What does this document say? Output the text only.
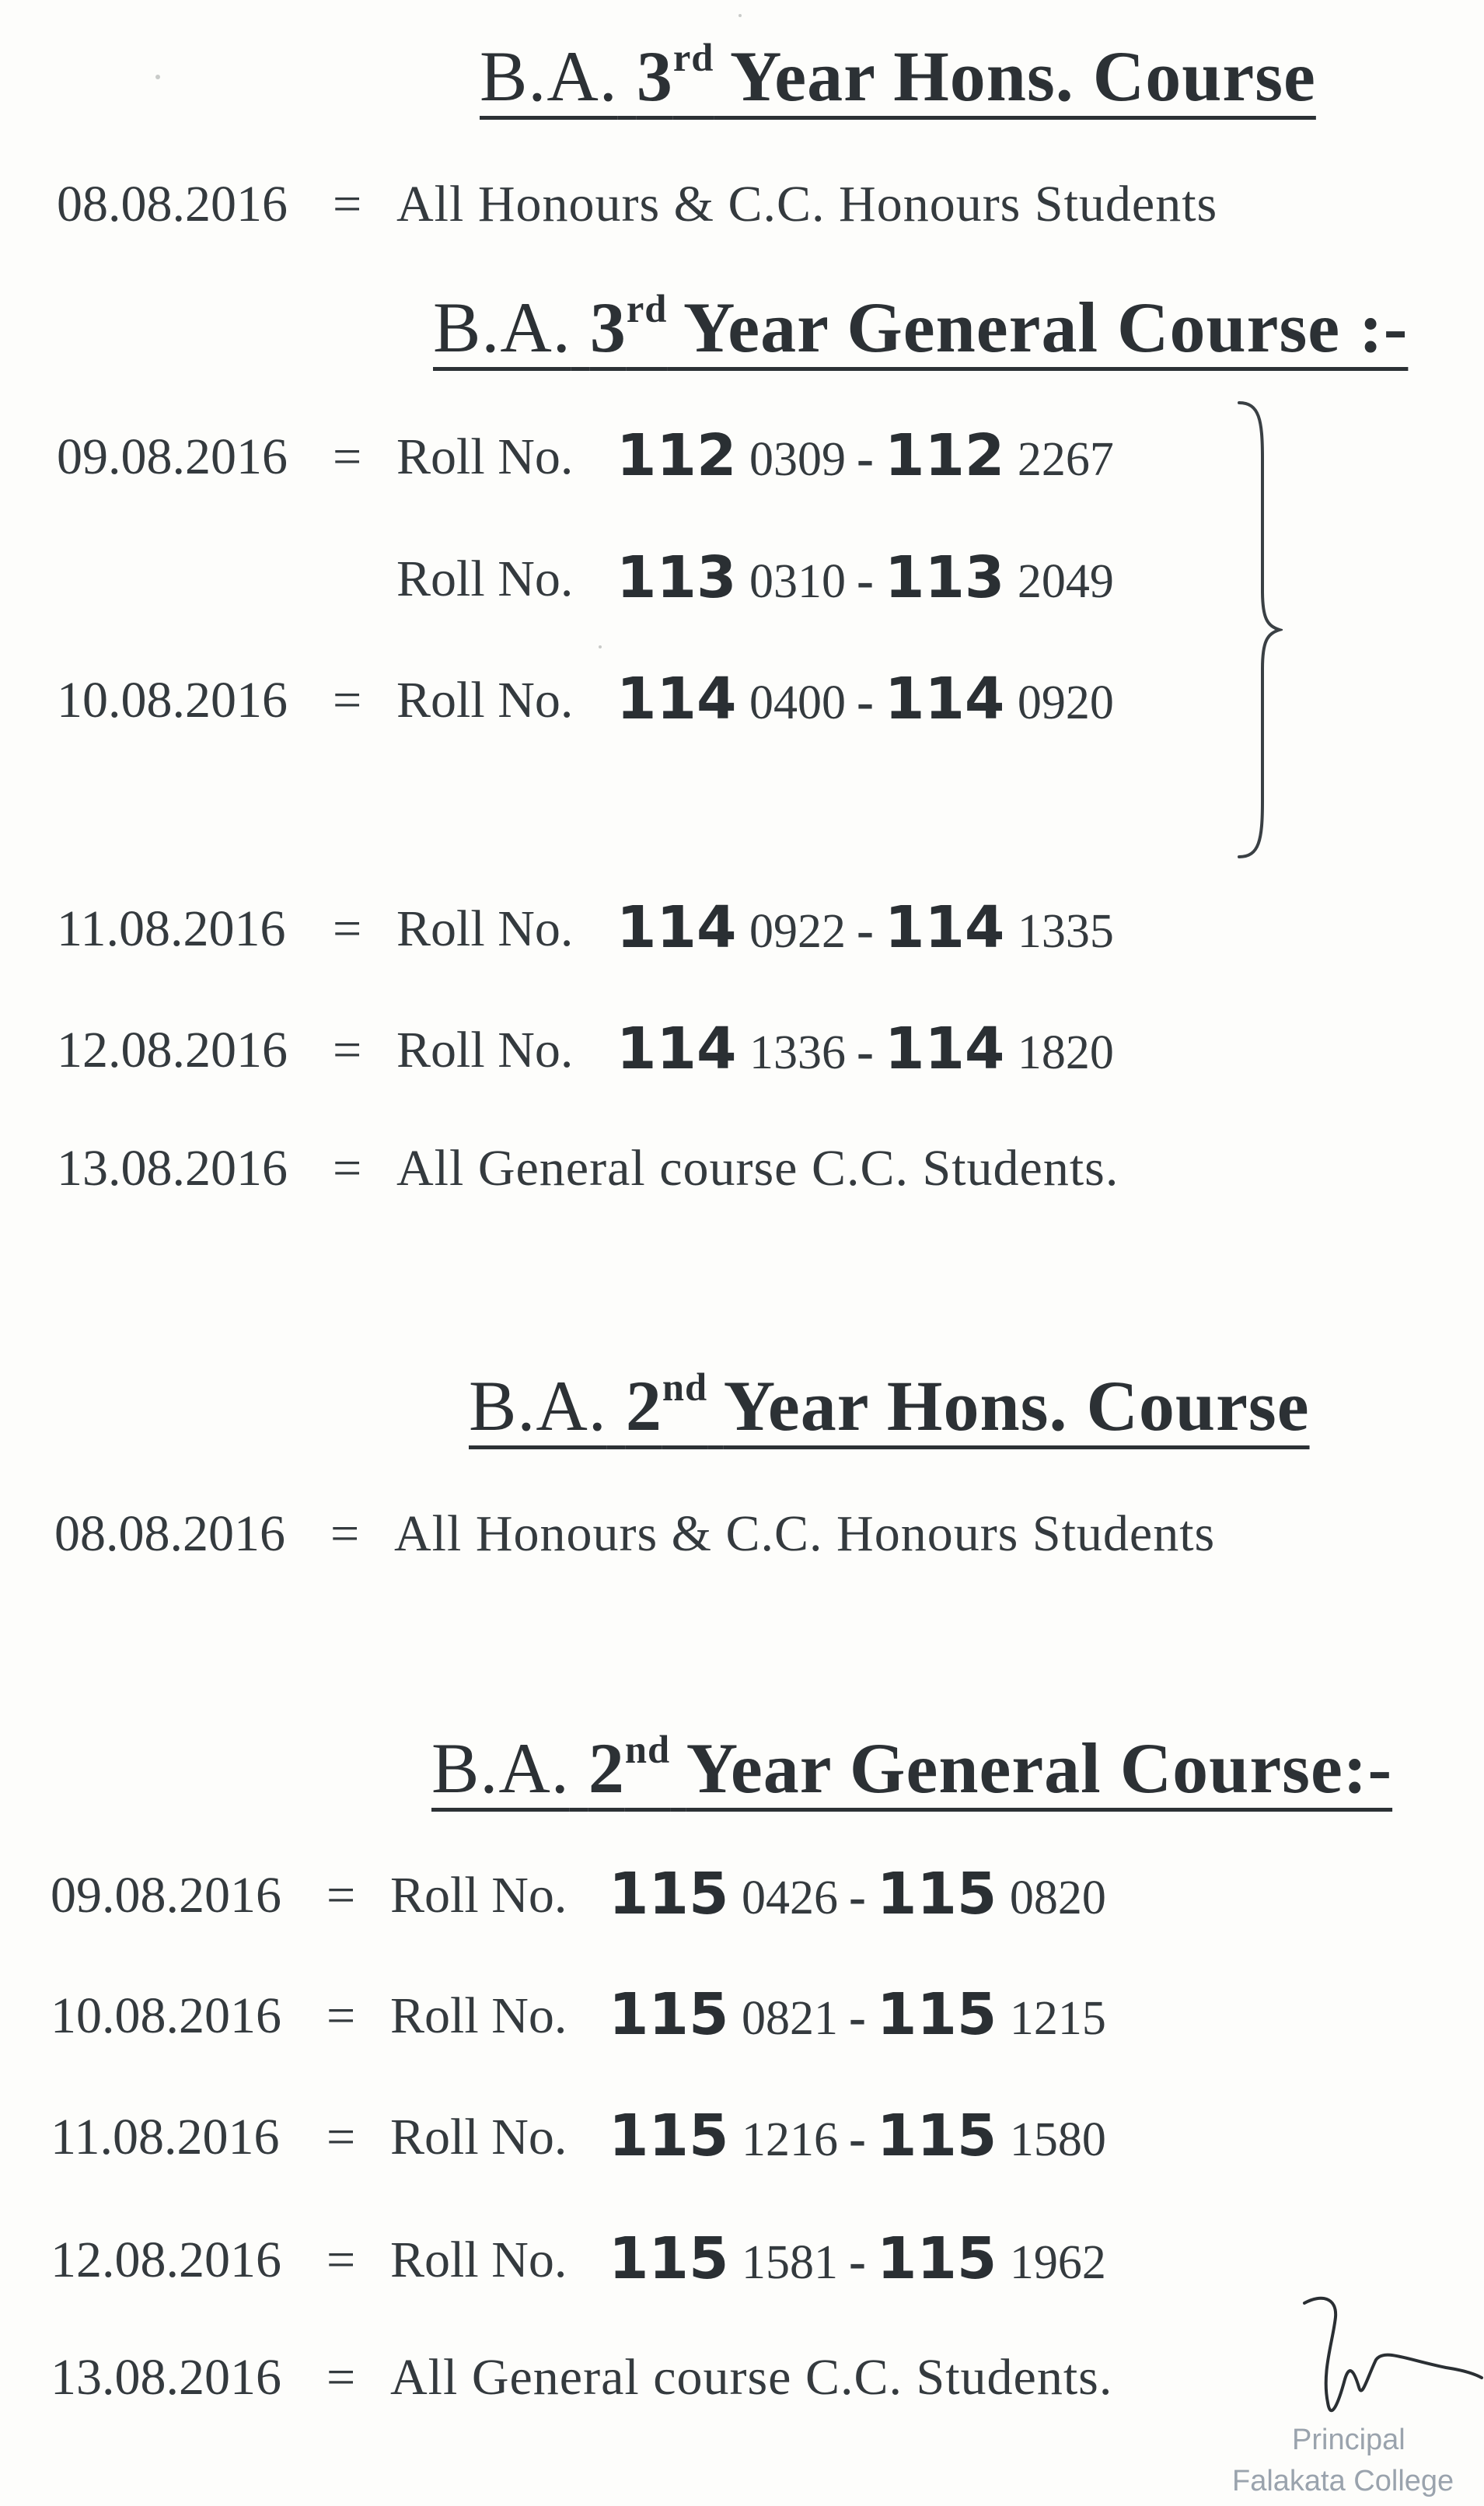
B.A. 3rd Year Hons. Course
08.08.2016 = All Honours & C.C. Honours Students
B.A. 3rd Year General Course :-
09.08.2016 = Roll No. 112 0309 - 112 2267
Roll No. 113 0310 - 113 2049
10.08.2016 = Roll No. 114 0400 - 114 0920
11.08.2016 = Roll No. 114 0922 - 114 1335
12.08.2016 = Roll No. 114 1336 - 114 1820
13.08.2016 = All General course C.C. Students.
B.A. 2nd Year Hons. Course
08.08.2016 = All Honours & C.C. Honours Students
B.A. 2nd Year General Course:-
09.08.2016 = Roll No. 115 0426 - 115 0820
10.08.2016 = Roll No. 115 0821 - 115 1215
11.08.2016 = Roll No. 115 1216 - 115 1580
12.08.2016 = Roll No. 115 1581 - 115 1962
13.08.2016 = All General course C.C. Students.
Principal
Falakata College
